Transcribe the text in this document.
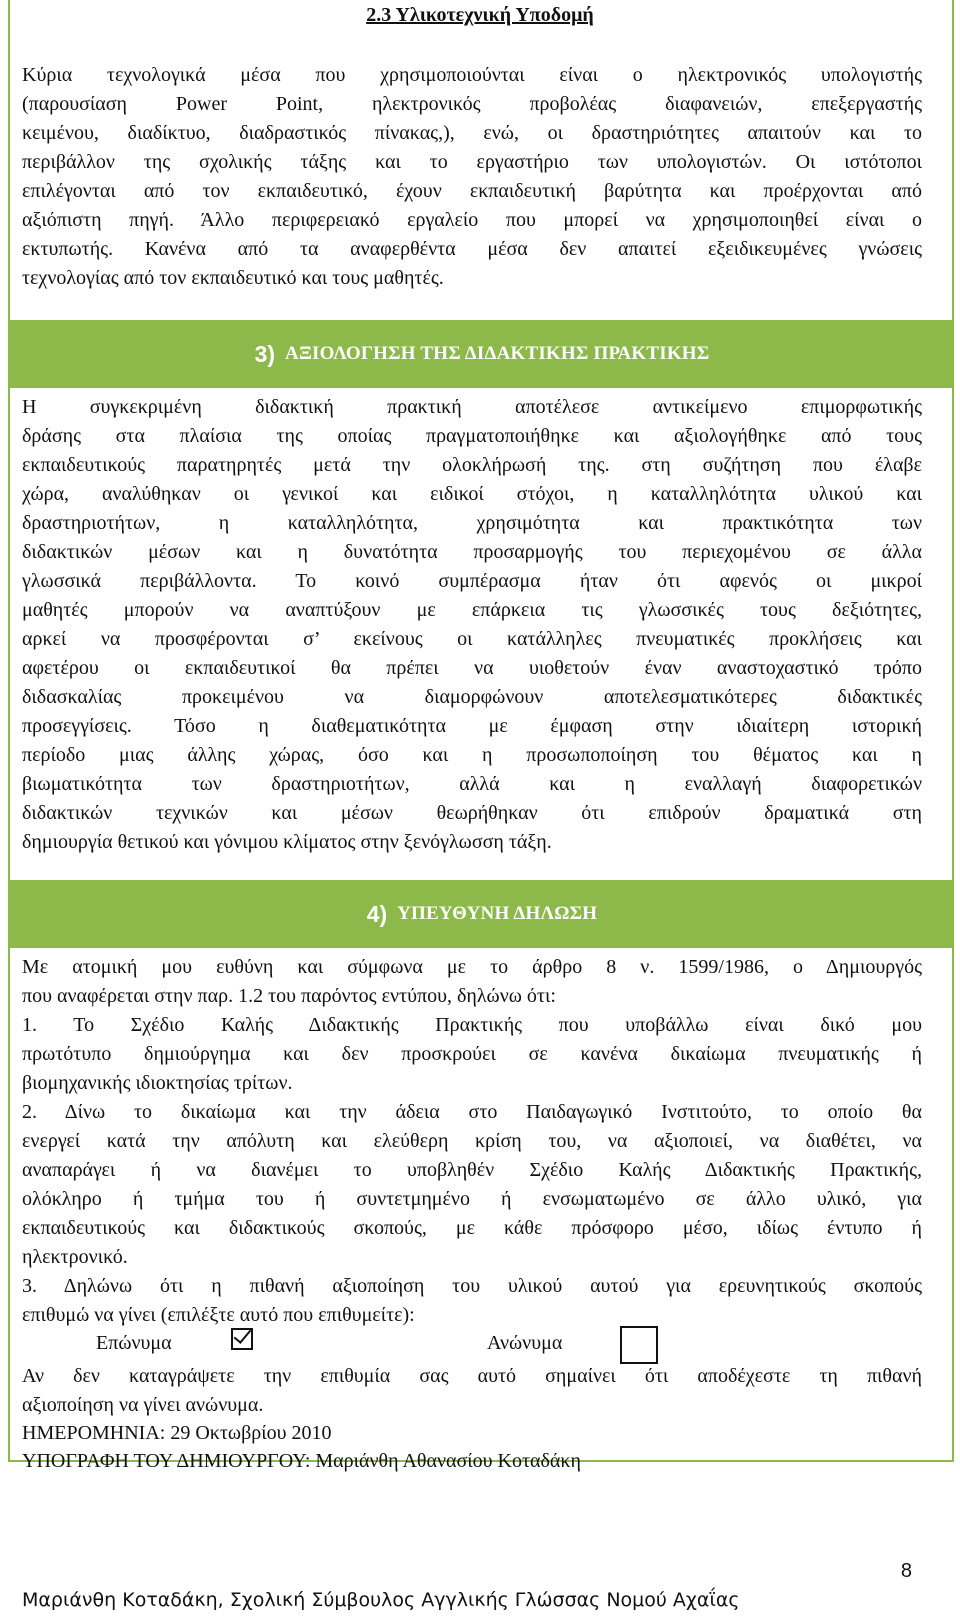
2.3 Υλικοτεχνική Υποδομή
Κύρια τεχνολογικά μέσα που χρησιμοποιούνται είναι ο ηλεκτρονικός υπολογιστής
(παρουσίαση Power Point, ηλεκτρονικός προβολέας διαφανειών, επεξεργαστής
κειμένου, διαδίκτυο, διαδραστικός πίνακας,), ενώ, οι δραστηριότητες απαιτούν και το
περιβάλλον της σχολικής τάξης και το εργαστήριο των υπολογιστών. Οι ιστότοποι
επιλέγονται από τον εκπαιδευτικό, έχουν εκπαιδευτική βαρύτητα και προέρχονται από
αξιόπιστη πηγή. Άλλο περιφερειακό εργαλείο που μπορεί να χρησιμοποιηθεί είναι ο
εκτυπωτής. Κανένα από τα αναφερθέντα μέσα δεν απαιτεί εξειδικευμένες γνώσεις
τεχνολογίας από τον εκπαιδευτικό και τους μαθητές.
3) ΑΞΙΟΛΟΓΗΣΗ ΤΗΣ ΔΙΔΑΚΤΙΚΗΣ ΠΡΑΚΤΙΚΗΣ
Η συγκεκριμένη διδακτική πρακτική αποτέλεσε αντικείμενο επιμορφωτικής
δράσης στα πλαίσια της οποίας πραγματοποιήθηκε και αξιολογήθηκε από τους
εκπαιδευτικούς παρατηρητές μετά την ολοκλήρωσή της. στη συζήτηση που έλαβε
χώρα, αναλύθηκαν οι γενικοί και ειδικοί στόχοι, η καταλληλότητα υλικού και
δραστηριοτήτων, η καταλληλότητα, χρησιμότητα και πρακτικότητα των
διδακτικών μέσων και η δυνατότητα προσαρμογής του περιεχομένου σε άλλα
γλωσσικά περιβάλλοντα. Το κοινό συμπέρασμα ήταν ότι αφενός οι μικροί
μαθητές μπορούν να αναπτύξουν με επάρκεια τις γλωσσικές τους δεξιότητες,
αρκεί να προσφέρονται σ’ εκείνους οι κατάλληλες πνευματικές προκλήσεις και
αφετέρου οι εκπαιδευτικοί θα πρέπει να υιοθετούν έναν αναστοχαστικό τρόπο
διδασκαλίας προκειμένου να διαμορφώνουν αποτελεσματικότερες διδακτικές
προσεγγίσεις. Τόσο η διαθεματικότητα με έμφαση στην ιδιαίτερη ιστορική
περίοδο μιας άλλης χώρας, όσο και η προσωποποίηση του θέματος και η
βιωματικότητα των δραστηριοτήτων, αλλά και η εναλλαγή διαφορετικών
διδακτικών τεχνικών και μέσων θεωρήθηκαν ότι επιδρούν δραματικά στη
δημιουργία θετικού και γόνιμου κλίματος στην ξενόγλωσση τάξη.
4) ΥΠΕΥΘΥΝΗ ΔΗΛΩΣΗ
Με ατομική μου ευθύνη και σύμφωνα με το άρθρο 8 ν. 1599/1986, ο Δημιουργός
που αναφέρεται στην παρ. 1.2 του παρόντος εντύπου, δηλώνω ότι:
1. Το Σχέδιο Καλής Διδακτικής Πρακτικής που υποβάλλω είναι δικό μου
πρωτότυπο δημιούργημα και δεν προσκρούει σε κανένα δικαίωμα πνευματικής ή
βιομηχανικής ιδιοκτησίας τρίτων.
2. Δίνω το δικαίωμα και την άδεια στο Παιδαγωγικό Ινστιτούτο, το οποίο θα
ενεργεί κατά την απόλυτη και ελεύθερη κρίση του, να αξιοποιεί, να διαθέτει, να
αναπαράγει ή να διανέμει το υποβληθέν Σχέδιο Καλής Διδακτικής Πρακτικής,
ολόκληρο ή τμήμα του ή συντετμημένο ή ενσωματωμένο σε άλλο υλικό, για
εκπαιδευτικούς και διδακτικούς σκοπούς, με κάθε πρόσφορο μέσο, ιδίως έντυπο ή
ηλεκτρονικό.
3. Δηλώνω ότι η πιθανή αξιοποίηση του υλικού αυτού για ερευνητικούς σκοπούς
επιθυμώ να γίνει (επιλέξτε αυτό που επιθυμείτε):
Επώνυμα	Ανώνυμα
Αν δεν καταγράψετε την επιθυμία σας αυτό σημαίνει ότι αποδέχεστε τη πιθανή
αξιοποίηση να γίνει ανώνυμα.
ΗΜΕΡΟΜΗΝΙΑ: 29 Οκτωβρίου 2010
ΥΠΟΓΡΑΦΗ ΤΟΥ ΔΗΜΙΟΥΡΓΟΥ: Μαριάνθη Αθανασίου Κοταδάκη
8
Μαριάνθη Κοταδάκη, Σχολική Σύμβουλος Αγγλικής Γλώσσας Νομού Αχαΐας
